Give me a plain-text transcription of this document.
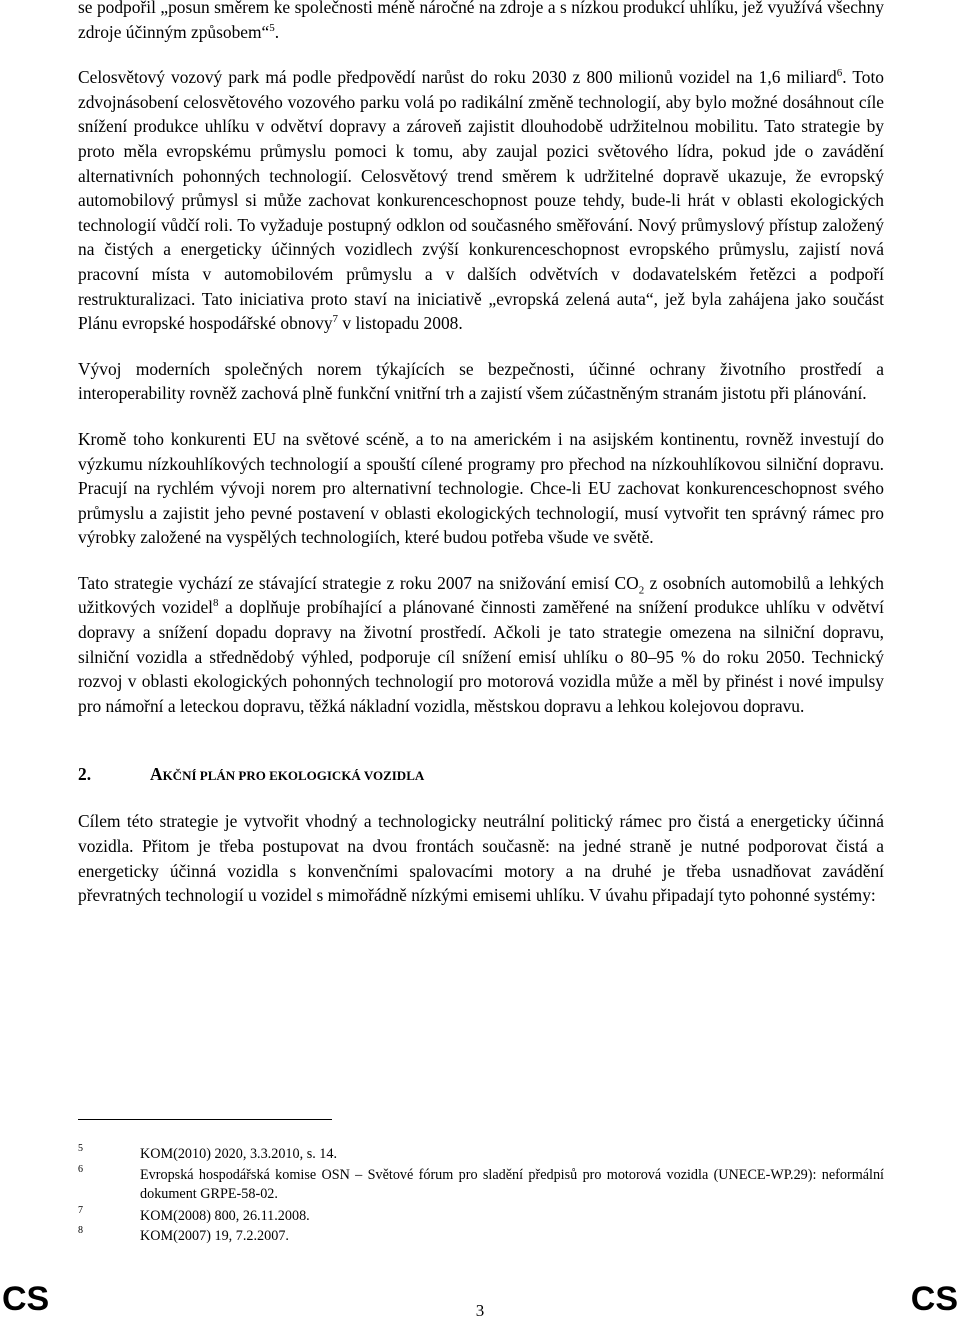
se podpořil „posun směrem ke společnosti méně náročné na zdroje a s nízkou produkcí uhlíku, jež využívá všechny zdroje účinným způsobem“$^5$.

Celosvětový vozový park má podle předpovědí narůst do roku 2030 z 800 milionů vozidel na 1,6 miliard$^6$. Toto zdvojnásobení celosvětového vozového parku volá po radikální změně technologií, aby bylo možné dosáhnout cíle snížení produkce uhlíku v odvětví dopravy a zároveň zajistit dlouhodobě udržitelnou mobilitu. Tato strategie by proto měla evropskému průmyslu pomoci k tomu, aby zaujal pozici světového lídra, pokud jde o zavádění alternativních pohonných technologií. Celosvětový trend směrem k udržitelné dopravě ukazuje, že evropský automobilový průmysl si může zachovat konkurenceschopnost pouze tehdy, bude-li hrát v oblasti ekologických technologií vůdčí roli. To vyžaduje postupný odklon od současného směřování. Nový průmyslový přístup založený na čistých a energeticky účinných vozidlech zvýší konkurenceschopnost evropského průmyslu, zajistí nová pracovní místa v automobilovém průmyslu a v dalších odvětvích v dodavatelském řetězci a podpoří restrukturalizaci. Tato iniciativa proto staví na iniciativě „evropská zelená auta“, jež byla zahájena jako součást Plánu evropské hospodářské obnovy$^7$ v listopadu 2008.

Vývoj moderních společných norem týkajících se bezpečnosti, účinné ochrany životního prostředí a interoperability rovněž zachová plně funkční vnitřní trh a zajistí všem zúčastněným stranám jistotu při plánování.

Kromě toho konkurenti EU na světové scéně, a to na americkém i na asijském kontinentu, rovněž investují do výzkumu nízkouhlíkových technologií a spouští cílené programy pro přechod na nízkouhlíkovou silniční dopravu. Pracují na rychlém vývoji norem pro alternativní technologie. Chce-li EU zachovat konkurenceschopnost svého průmyslu a zajistit jeho pevné postavení v oblasti ekologických technologií, musí vytvořit ten správný rámec pro výrobky založené na vyspělých technologiích, které budou potřeba všude ve světě.

Tato strategie vychází ze stávající strategie z roku 2007 na snižování emisí $CO_2$ z osobních automobilů a lehkých užitkových vozidel$^8$ a doplňuje probíhající a plánované činnosti zaměřené na snížení produkce uhlíku v odvětví dopravy a snížení dopadu dopravy na životní prostředí. Ačkoli je tato strategie omezena na silniční dopravu, silniční vozidla a střednědobý výhled, podporuje cíl snížení emisí uhlíku o 80–95 % do roku 2050. Technický rozvoj v oblasti ekologických pohonných technologií pro motorová vozidla může a měl by přinést i nové impulsy pro námořní a leteckou dopravu, těžká nákladní vozidla, městskou dopravu a lehkou kolejovou dopravu.

2.	AKČNÍ PLÁN PRO EKOLOGICKÁ VOZIDLA

Cílem této strategie je vytvořit vhodný a technologicky neutrální politický rámec pro čistá a energeticky účinná vozidla. Přitom je třeba postupovat na dvou frontách současně: na jedné straně je nutné podporovat čistá a energeticky účinná vozidla s konvenčními spalovacími motory a na druhé je třeba usnadňovat zavádění převratných technologií u vozidel s mimořádně nízkými emisemi uhlíku. V úvahu připadají tyto pohonné systémy:

5	KOM(2010) 2020, 3.3.2010, s. 14.
6	Evropská hospodářská komise OSN – Světové fórum pro sladění předpisů pro motorová vozidla (UNECE-WP.29): neformální dokument GRPE-58-02.
7	KOM(2008) 800, 26.11.2008.
8	KOM(2007) 19, 7.2.2007.
CS	3	CS
